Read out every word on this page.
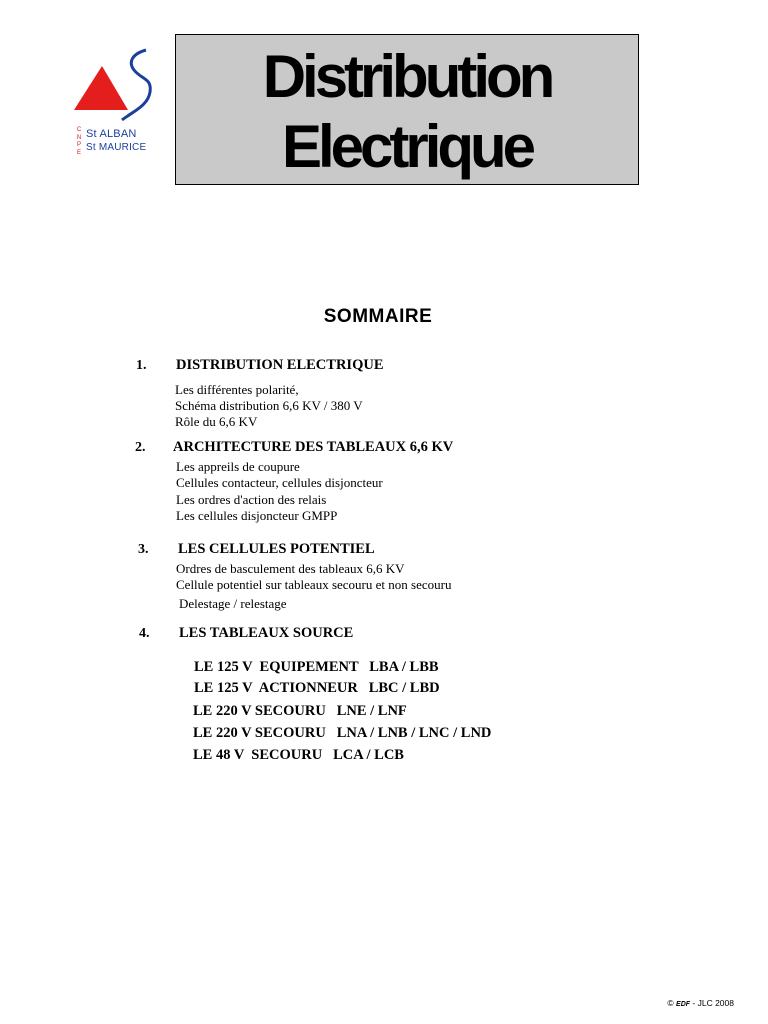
C
N
P
E
St ALBAN
St MAURICE
Distribution
Electrique
SOMMAIRE
1. DISTRIBUTION ELECTRIQUE
Les différentes polarité,
Schéma distribution 6,6 KV / 380 V
Rôle du 6,6 KV
2. ARCHITECTURE DES TABLEAUX 6,6 KV
Les appreils de coupure
Cellules contacteur, cellules disjoncteur
Les ordres d'action des relais
Les cellules disjoncteur GMPP
3. LES CELLULES POTENTIEL
Ordres de basculement des tableaux 6,6 KV
Cellule potentiel sur tableaux secouru et non secouru
Delestage / relestage
4. LES TABLEAUX SOURCE
LE 125 V  EQUIPEMENT   LBA / LBB
LE 125 V  ACTIONNEUR   LBC / LBD
LE 220 V SECOURU   LNE / LNF
LE 220 V SECOURU   LNA / LNB / LNC / LND
LE 48 V  SECOURU   LCA / LCB
© EDF - JLC 2008
